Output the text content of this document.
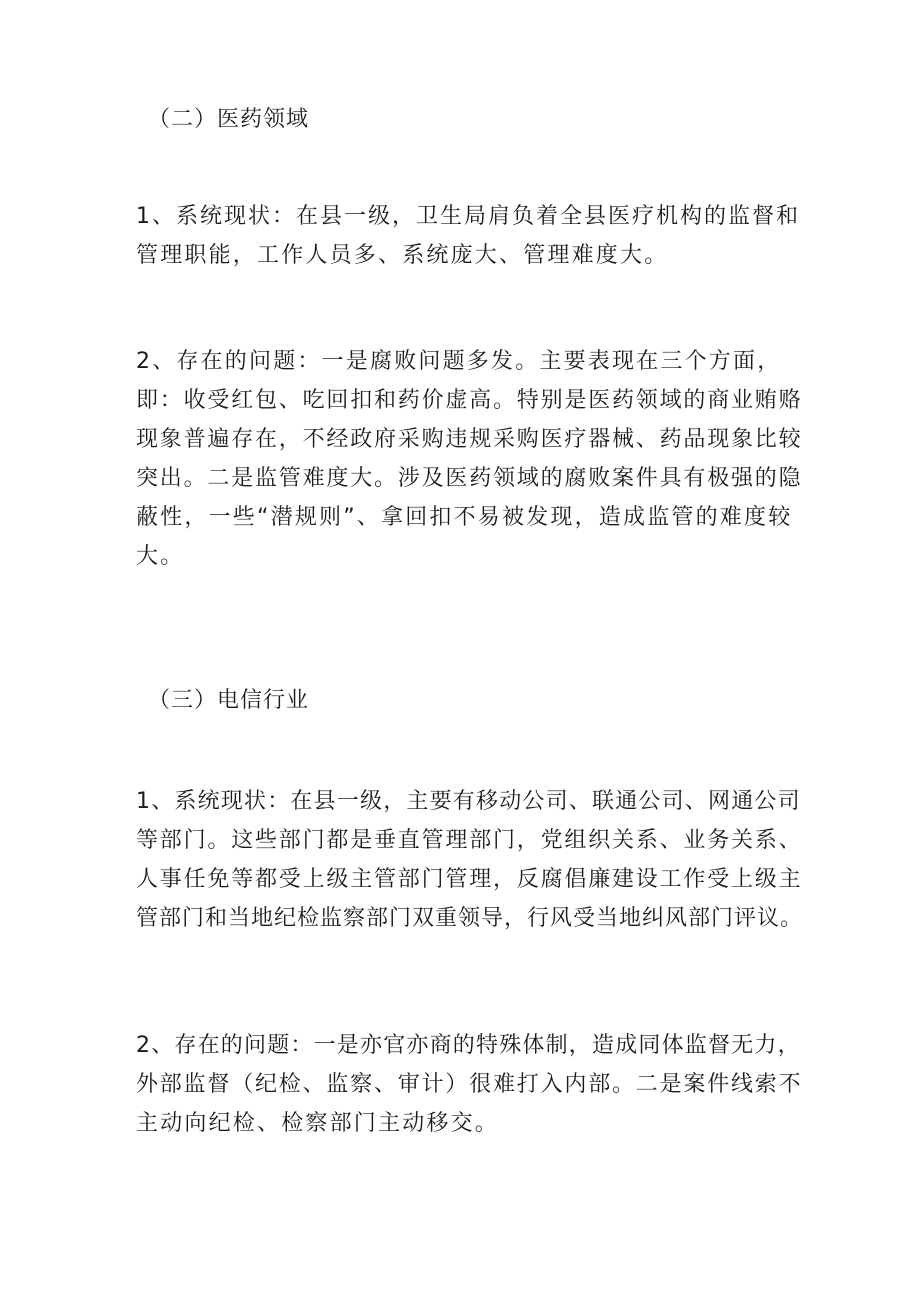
（二）医药领域
1、系统现状：在县一级，卫生局肩负着全县医疗机构的监督和
管理职能，工作人员多、系统庞大、管理难度大。
2、存在的问题：一是腐败问题多发。主要表现在三个方面，
即：收受红包、吃回扣和药价虚高。特别是医药领域的商业贿赂
现象普遍存在，不经政府采购违规采购医疗器械、药品现象比较
突出。二是监管难度大。涉及医药领域的腐败案件具有极强的隐
蔽性，一些“潜规则”、拿回扣不易被发现，造成监管的难度较
大。
（三）电信行业
1、系统现状：在县一级，主要有移动公司、联通公司、网通公司
等部门。这些部门都是垂直管理部门，党组织关系、业务关系、
人事任免等都受上级主管部门管理，反腐倡廉建设工作受上级主
管部门和当地纪检监察部门双重领导，行风受当地纠风部门评议。
2、存在的问题：一是亦官亦商的特殊体制，造成同体监督无力，
外部监督（纪检、监察、审计）很难打入内部。二是案件线索不
主动向纪检、检察部门主动移交。
